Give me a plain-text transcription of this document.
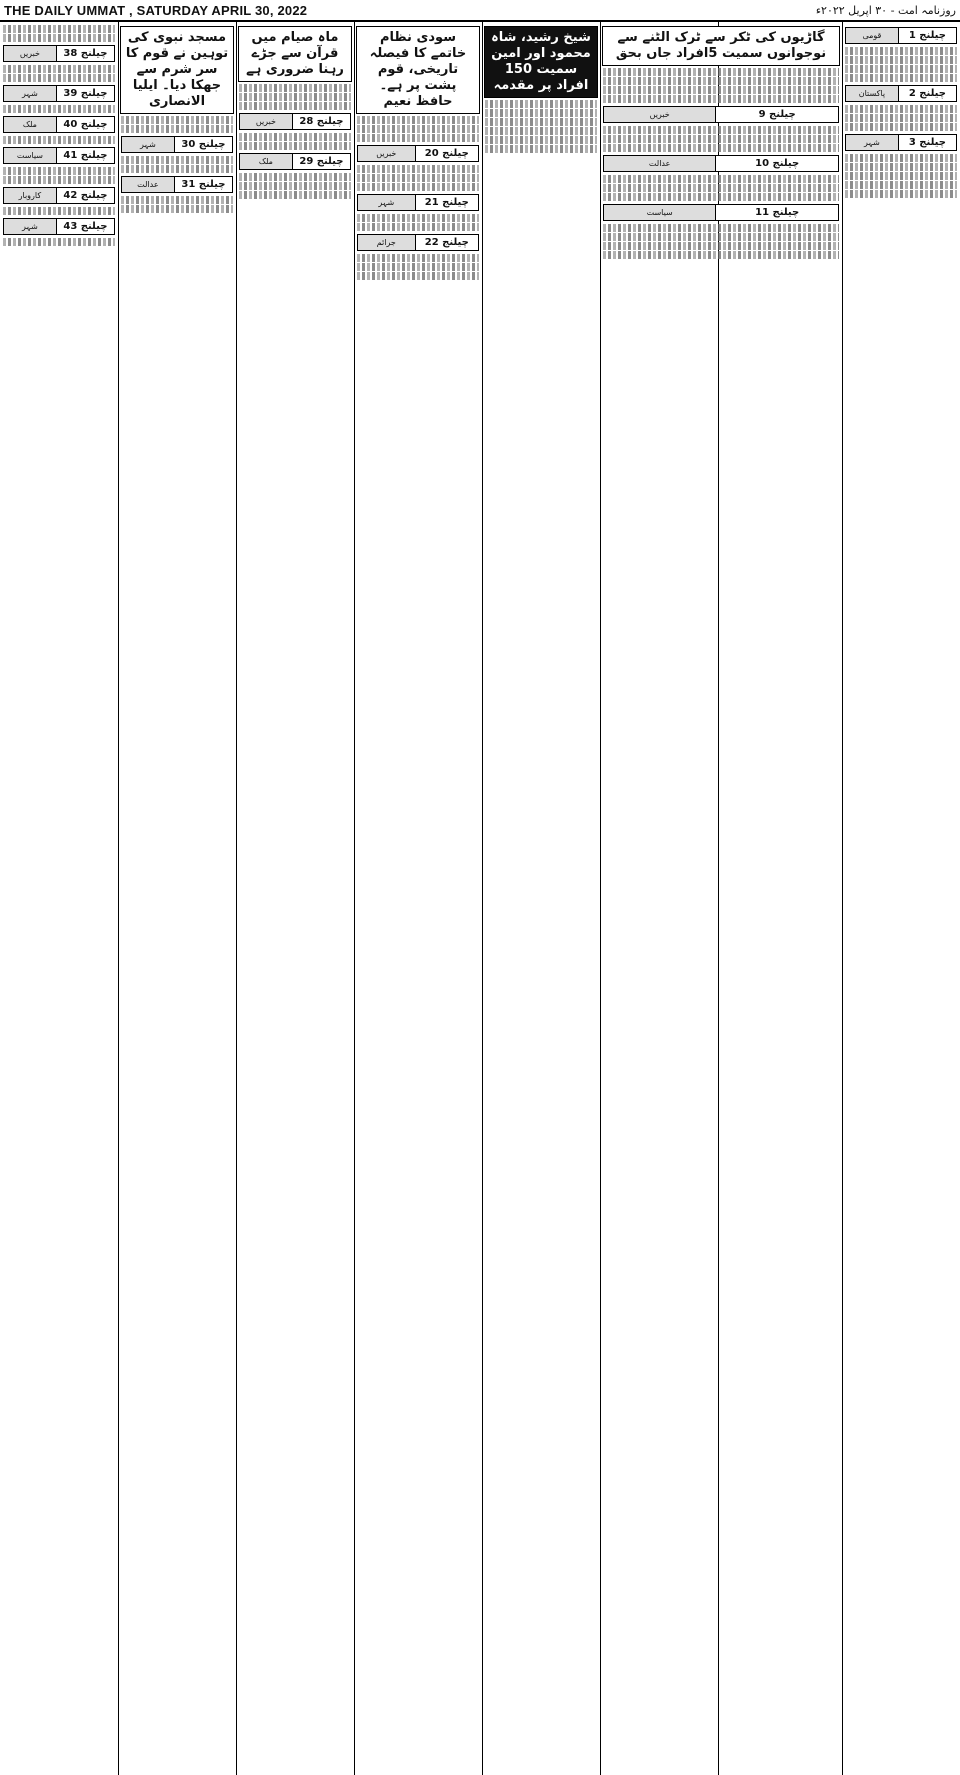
THE DAILY UMMAT , SATURDAY APRIL 30, 2022	روزنامہ امت - ۳۰ اپریل ۲۰۲۲ء
چیلنج 1
قومی
چیلنج 2
پاکستان
چیلنج 3
شہر
گاڑیوں کی ٹکر سے ٹرک الٹنے سے نوجوانوں سمیت 5افراد جاں بحق
چیلنج 9
خبریں
چیلنج 10
عدالت
چیلنج 11
سیاست
شیخ رشید، شاہ محمود اور امین سمیت 150 افراد پر مقدمہ
سودی نظام خاتمے کا فیصلہ تاریخی، قوم پشت پر ہے۔ حافظ نعیم
چیلنج 20
خبریں
چیلنج 21
شہر
چیلنج 22
جرائم
ماہ صیام میں قرآن سے جڑے رہنا ضروری ہے
چیلنج 28
خبریں
چیلنج 29
ملک
مسجد نبوی کی توہین نے قوم کا سر شرم سے جھکا دیا۔ ایلیا الانصاری
چیلنج 30
شہر
چیلنج 31
عدالت
چیلنج 38
خبریں
چیلنج 39
شہر
چیلنج 40
ملک
چیلنج 41
سیاست
چیلنج 42
کاروبار
چیلنج 43
شہر
